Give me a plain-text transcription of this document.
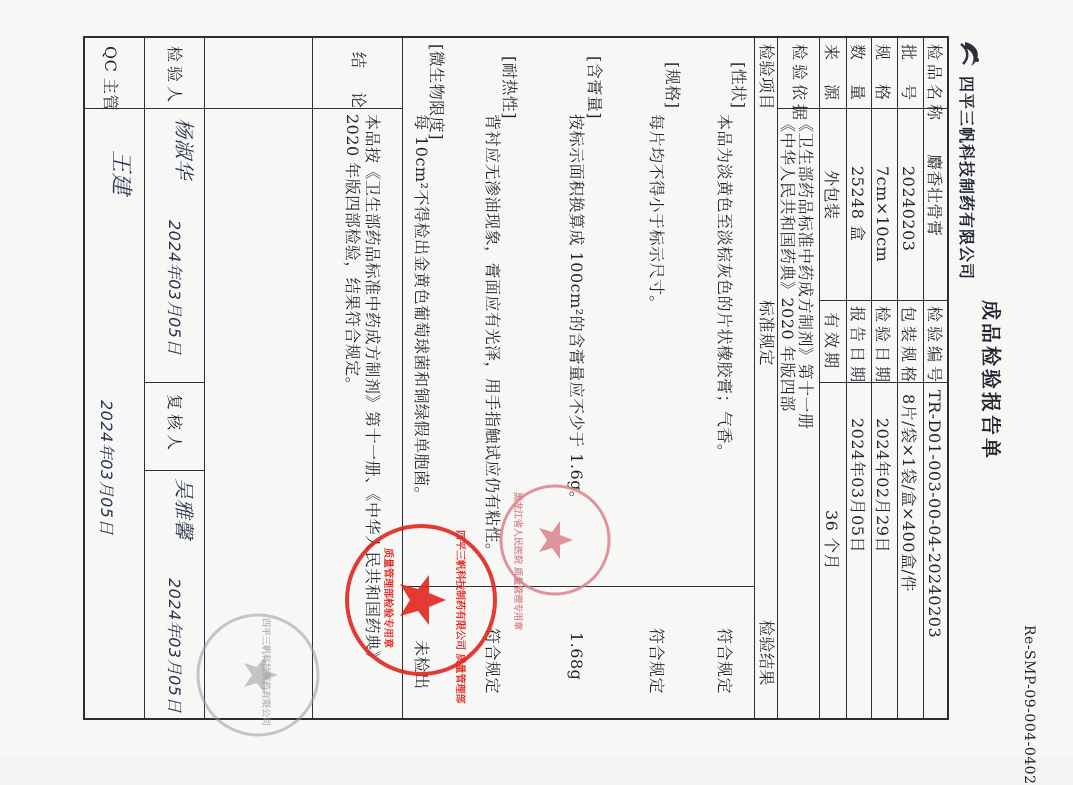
Re-SMP-09-004-0402
成品检验报告单
四平三帆科技制药有限公司
检品名称
麝香壮骨膏
检验编号
TR-D01-003-00-04-20240203
批　号
20240203
包装规格
8片/袋×1袋/盒×400盒/件
规　格
7cm×10cm
检验日期
2024年02月29日
数　量
25248 盒
报告日期
2024年03月05日
来　源
外包装
有效期
36 个月
检验依据
《卫生部药品标准中药成方制剂》第十一册
《中华人民共和国药典》2020 年版四部
检验项目
标准规定
检验结果
[性状]
本品为淡黄色至淡棕灰色的片状橡胶膏；气香。
符合规定
[规格]
每片均不得小于标示尺寸。
符合规定
[含膏量]
按标示面积换算成 100cm²的含膏量应不少于 1.6g。
1.68g
[耐热性]
背衬应无渗油现象，膏面应有光泽，用手指触试应仍有粘性。
符合规定
[微生物限度]
每 10cm²不得检出金黄色葡萄球菌和铜绿假单胞菌。
未检出
结　论
本品按《卫生部药品标准中药成方制剂》第十一册、《中华人民共和国药典》
2020 年版四部检验，结果符合规定。
检验人
杨淑华
2024年03月05日
复核人
吴雅馨
2024年03月05日
QC 主管
王建
2024年03月05日
黑龙江省人民医院 质量管理专用章
四平三帆科技制药有限公司 质量管理部
质量管理部检验专用章
四平三帆科技制药有限公司
